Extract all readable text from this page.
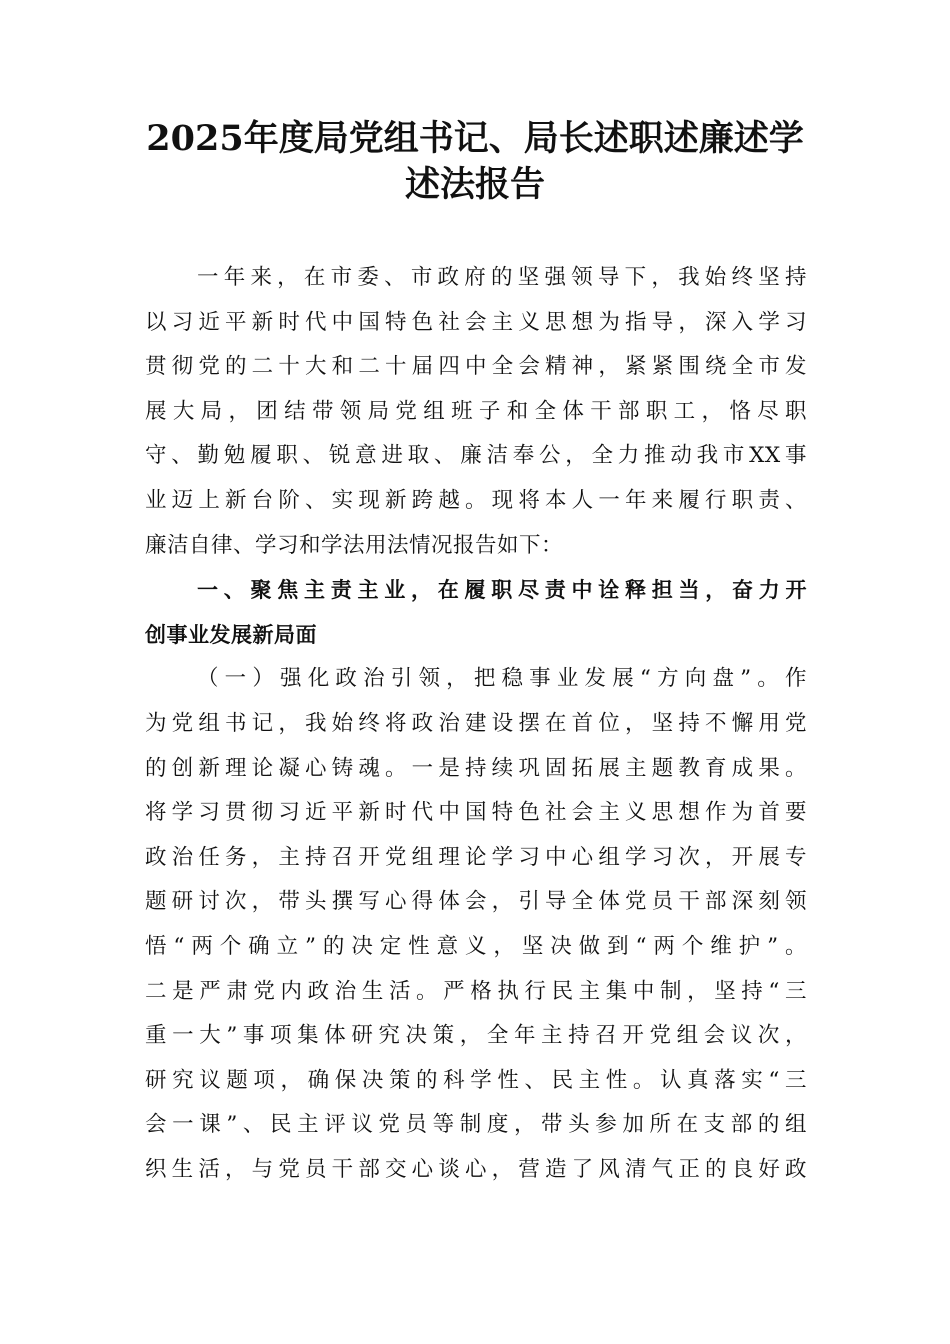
2025年度局党组书记、局长述职述廉述学
述法报告
一年来，在市委、市政府的坚强领导下，我始终坚持
以习近平新时代中国特色社会主义思想为指导，深入学习
贯彻党的二十大和二十届四中全会精神，紧紧围绕全市发
展大局，团结带领局党组班子和全体干部职工，恪尽职
守、勤勉履职、锐意进取、廉洁奉公，全力推动我市XX事
业迈上新台阶、实现新跨越。现将本人一年来履行职责、
廉洁自律、学习和学法用法情况报告如下：
一、聚焦主责主业，在履职尽责中诠释担当，奋力开
创事业发展新局面
（一）强化政治引领，把稳事业发展“方向盘”。作
为党组书记，我始终将政治建设摆在首位，坚持不懈用党
的创新理论凝心铸魂。一是持续巩固拓展主题教育成果。
将学习贯彻习近平新时代中国特色社会主义思想作为首要
政治任务，主持召开党组理论学习中心组学习次，开展专
题研讨次，带头撰写心得体会，引导全体党员干部深刻领
悟“两个确立”的决定性意义，坚决做到“两个维护”。
二是严肃党内政治生活。严格执行民主集中制，坚持“三
重一大”事项集体研究决策，全年主持召开党组会议次，
研究议题项，确保决策的科学性、民主性。认真落实“三
会一课”、民主评议党员等制度，带头参加所在支部的组
织生活，与党员干部交心谈心，营造了风清气正的良好政
